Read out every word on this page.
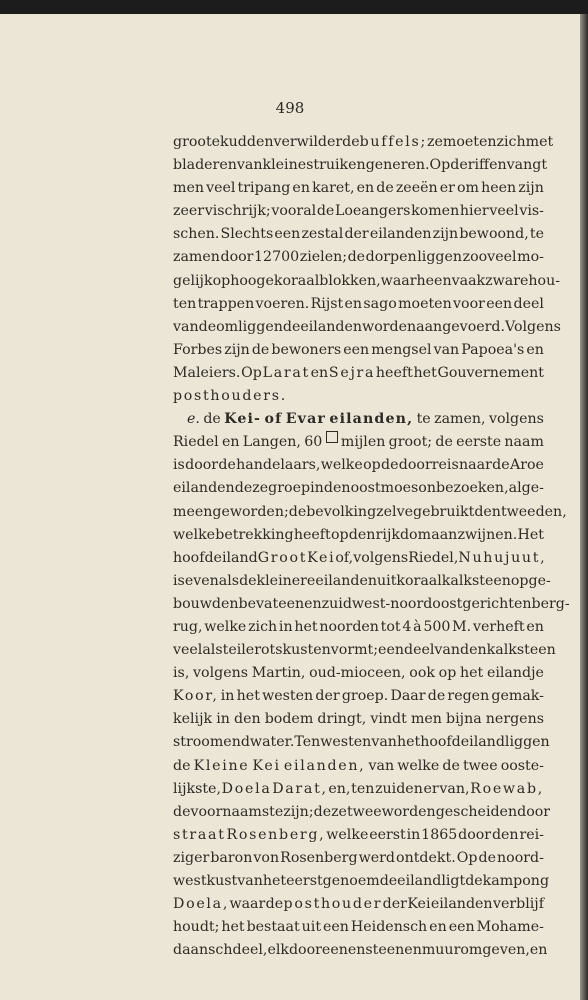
498
groote kudden verwilderde buffels; ze moeten zich met
bladeren van kleine struiken generen. Op de riffen vangt
men veel tripang en karet, en de zeeën er om heen zijn
zeer vischrijk; vooral de Loeangers komen hier veel vis-
schen. Slechts een zestal der eilanden zijn bewoond, te
zamen door 12700 zielen; de dorpen liggen zooveel mo-
gelijk op hooge koraalblokken, waarheen vaak zware hou-
ten trappen voeren. Rijst en sago moeten voor een deel
van de omliggende eilanden worden aangevoerd. Volgens
Forbes zijn de bewoners een mengsel van Papoea's en
Maleiers. Op Larat en Sejra heeft het Gouvernement
posthouders.
e. de Kei- of Evar eilanden, te zamen, volgens
Riedel en Langen, 60 mijlen groot; de eerste naam
is door de handelaars, welke op de doorreis naar de Aroe
eilanden deze groep in den oostmoeson bezoeken, alge-
meen geworden; de bevolking zelve gebruikt den tweeden,
welke betrekking heeft op den rijkdom aan zwijnen. Het
hoofdeiland Groot Kei of, volgens Riedel, Nuhujuut,
is evenals de kleinere eilanden uit koraalkalksteen opge-
bouwd en bevat eenen zuidwest-noordoost gerichten berg-
rug, welke zich in het noorden tot 4 à 500 M. verheft en
veelal steile rotskusten vormt; een deel van den kalksteen
is, volgens Martin, oud-mioceen, ook op het eilandje
Koor, in het westen der groep. Daar de regen gemak-
kelijk in den bodem dringt, vindt men bijna nergens
stroomend water. Ten westen van het hoofdeiland liggen
de Kleine Kei eilanden, van welke de twee ooste-
lijkste, Doela Darat, en, ten zuiden er van, Roewab,
de voornaamste zijn; deze twee worden gescheiden door
straat Rosenberg, welke eerst in 1865 door den rei-
ziger baron von Rosenberg werd ontdekt. Op de noord-
westkust van het eerstgenoemde eiland ligt de kampong
Doela, waar de posthouder der Kei eilanden verblijf
houdt; het bestaat uit een Heidensch en een Mohame-
daansch deel, elk door eenen steenen muur omgeven, en
